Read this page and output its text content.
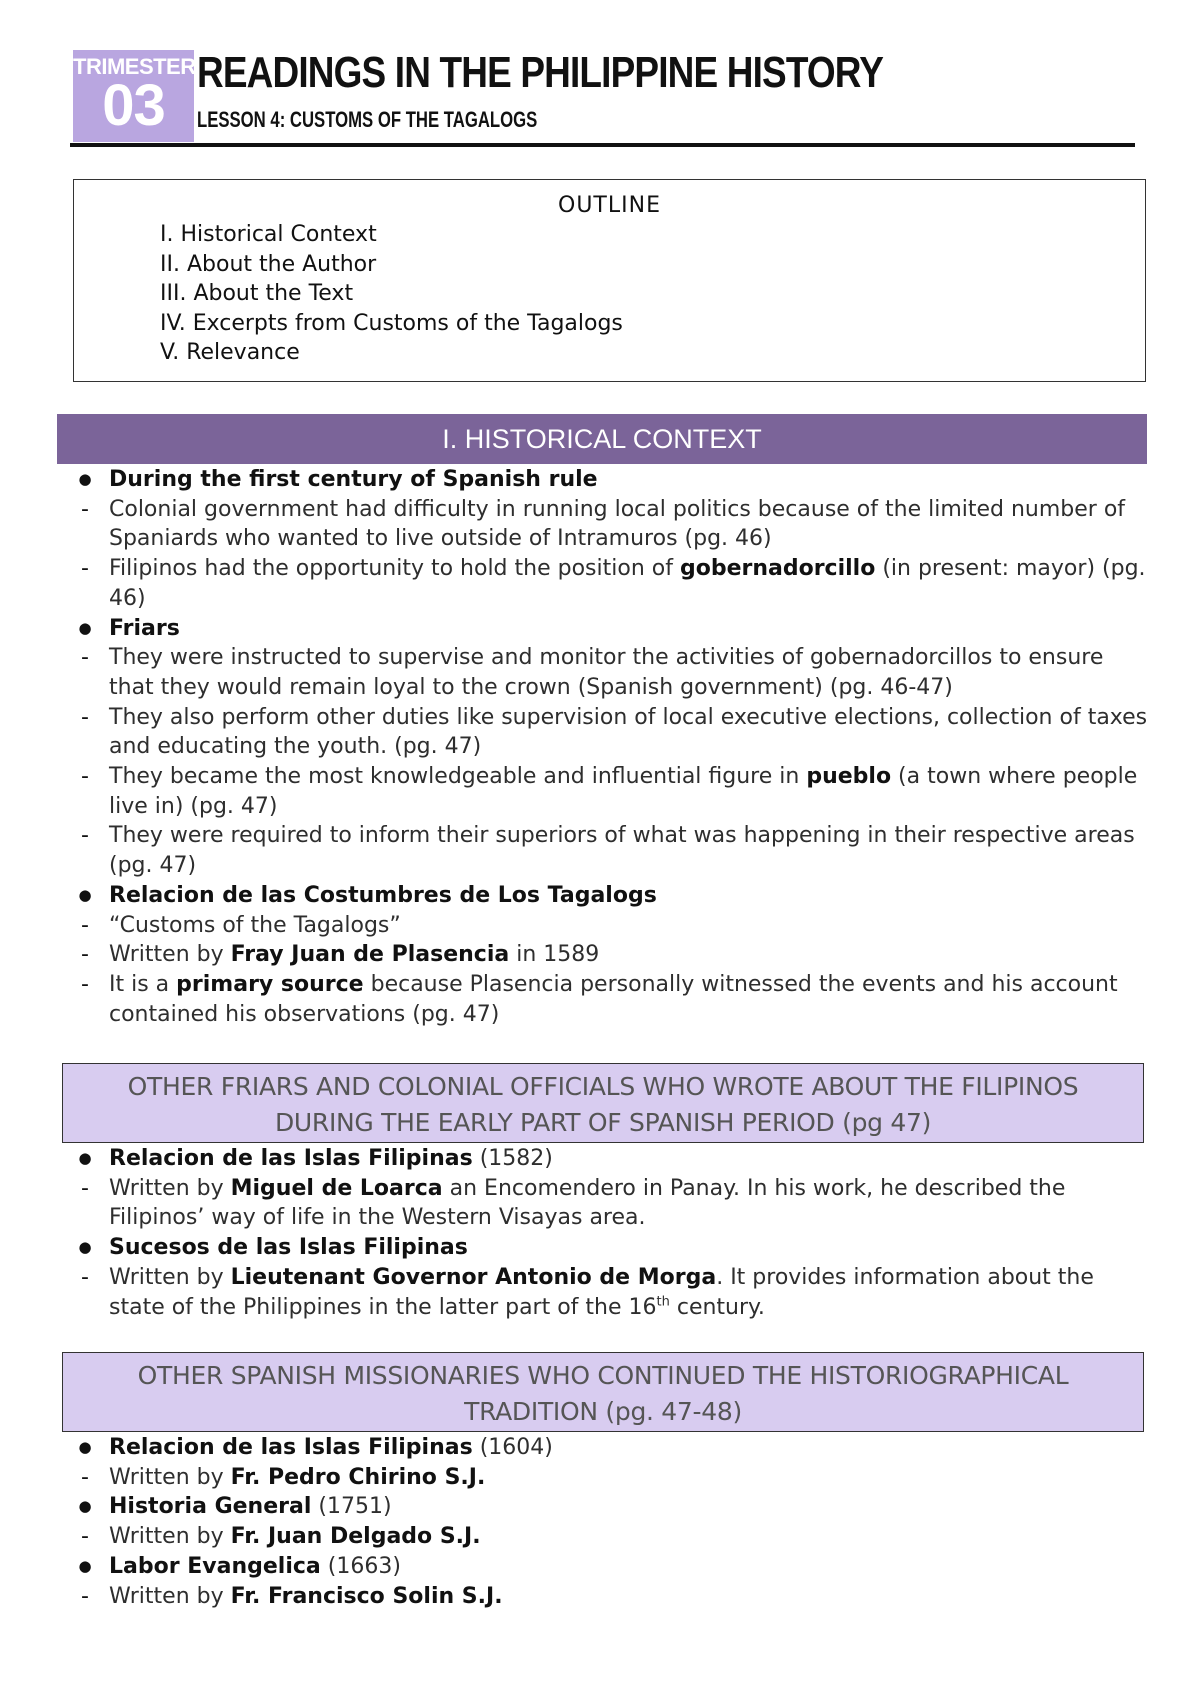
TRIMESTER
03
READINGS IN THE PHILIPPINE HISTORY
LESSON 4: CUSTOMS OF THE TAGALOGS
OUTLINE
I. Historical Context
II. About the Author
III. About the Text
IV. Excerpts from Customs of the Tagalogs
V. Relevance
I. HISTORICAL CONTEXT
● During the first century of Spanish rule
- Colonial government had difficulty in running local politics because of the limited number of Spaniards who wanted to live outside of Intramuros (pg. 46)
- Filipinos had the opportunity to hold the position of gobernadorcillo (in present: mayor) (pg. 46)
● Friars
- They were instructed to supervise and monitor the activities of gobernadorcillos to ensure that they would remain loyal to the crown (Spanish government) (pg. 46-47)
- They also perform other duties like supervision of local executive elections, collection of taxes and educating the youth. (pg. 47)
- They became the most knowledgeable and influential figure in pueblo (a town where people live in) (pg. 47)
- They were required to inform their superiors of what was happening in their respective areas (pg. 47)
● Relacion de las Costumbres de Los Tagalogs
- “Customs of the Tagalogs”
- Written by Fray Juan de Plasencia in 1589
- It is a primary source because Plasencia personally witnessed the events and his account contained his observations (pg. 47)
OTHER FRIARS AND COLONIAL OFFICIALS WHO WROTE ABOUT THE FILIPINOS
DURING THE EARLY PART OF SPANISH PERIOD (pg 47)
● Relacion de las Islas Filipinas (1582)
- Written by Miguel de Loarca an Encomendero in Panay. In his work, he described the Filipinos’ way of life in the Western Visayas area.
● Sucesos de las Islas Filipinas
- Written by Lieutenant Governor Antonio de Morga. It provides information about the state of the Philippines in the latter part of the 16th century.
OTHER SPANISH MISSIONARIES WHO CONTINUED THE HISTORIOGRAPHICAL
TRADITION (pg. 47-48)
● Relacion de las Islas Filipinas (1604)
- Written by Fr. Pedro Chirino S.J.
● Historia General (1751)
- Written by Fr. Juan Delgado S.J.
● Labor Evangelica (1663)
- Written by Fr. Francisco Solin S.J.
